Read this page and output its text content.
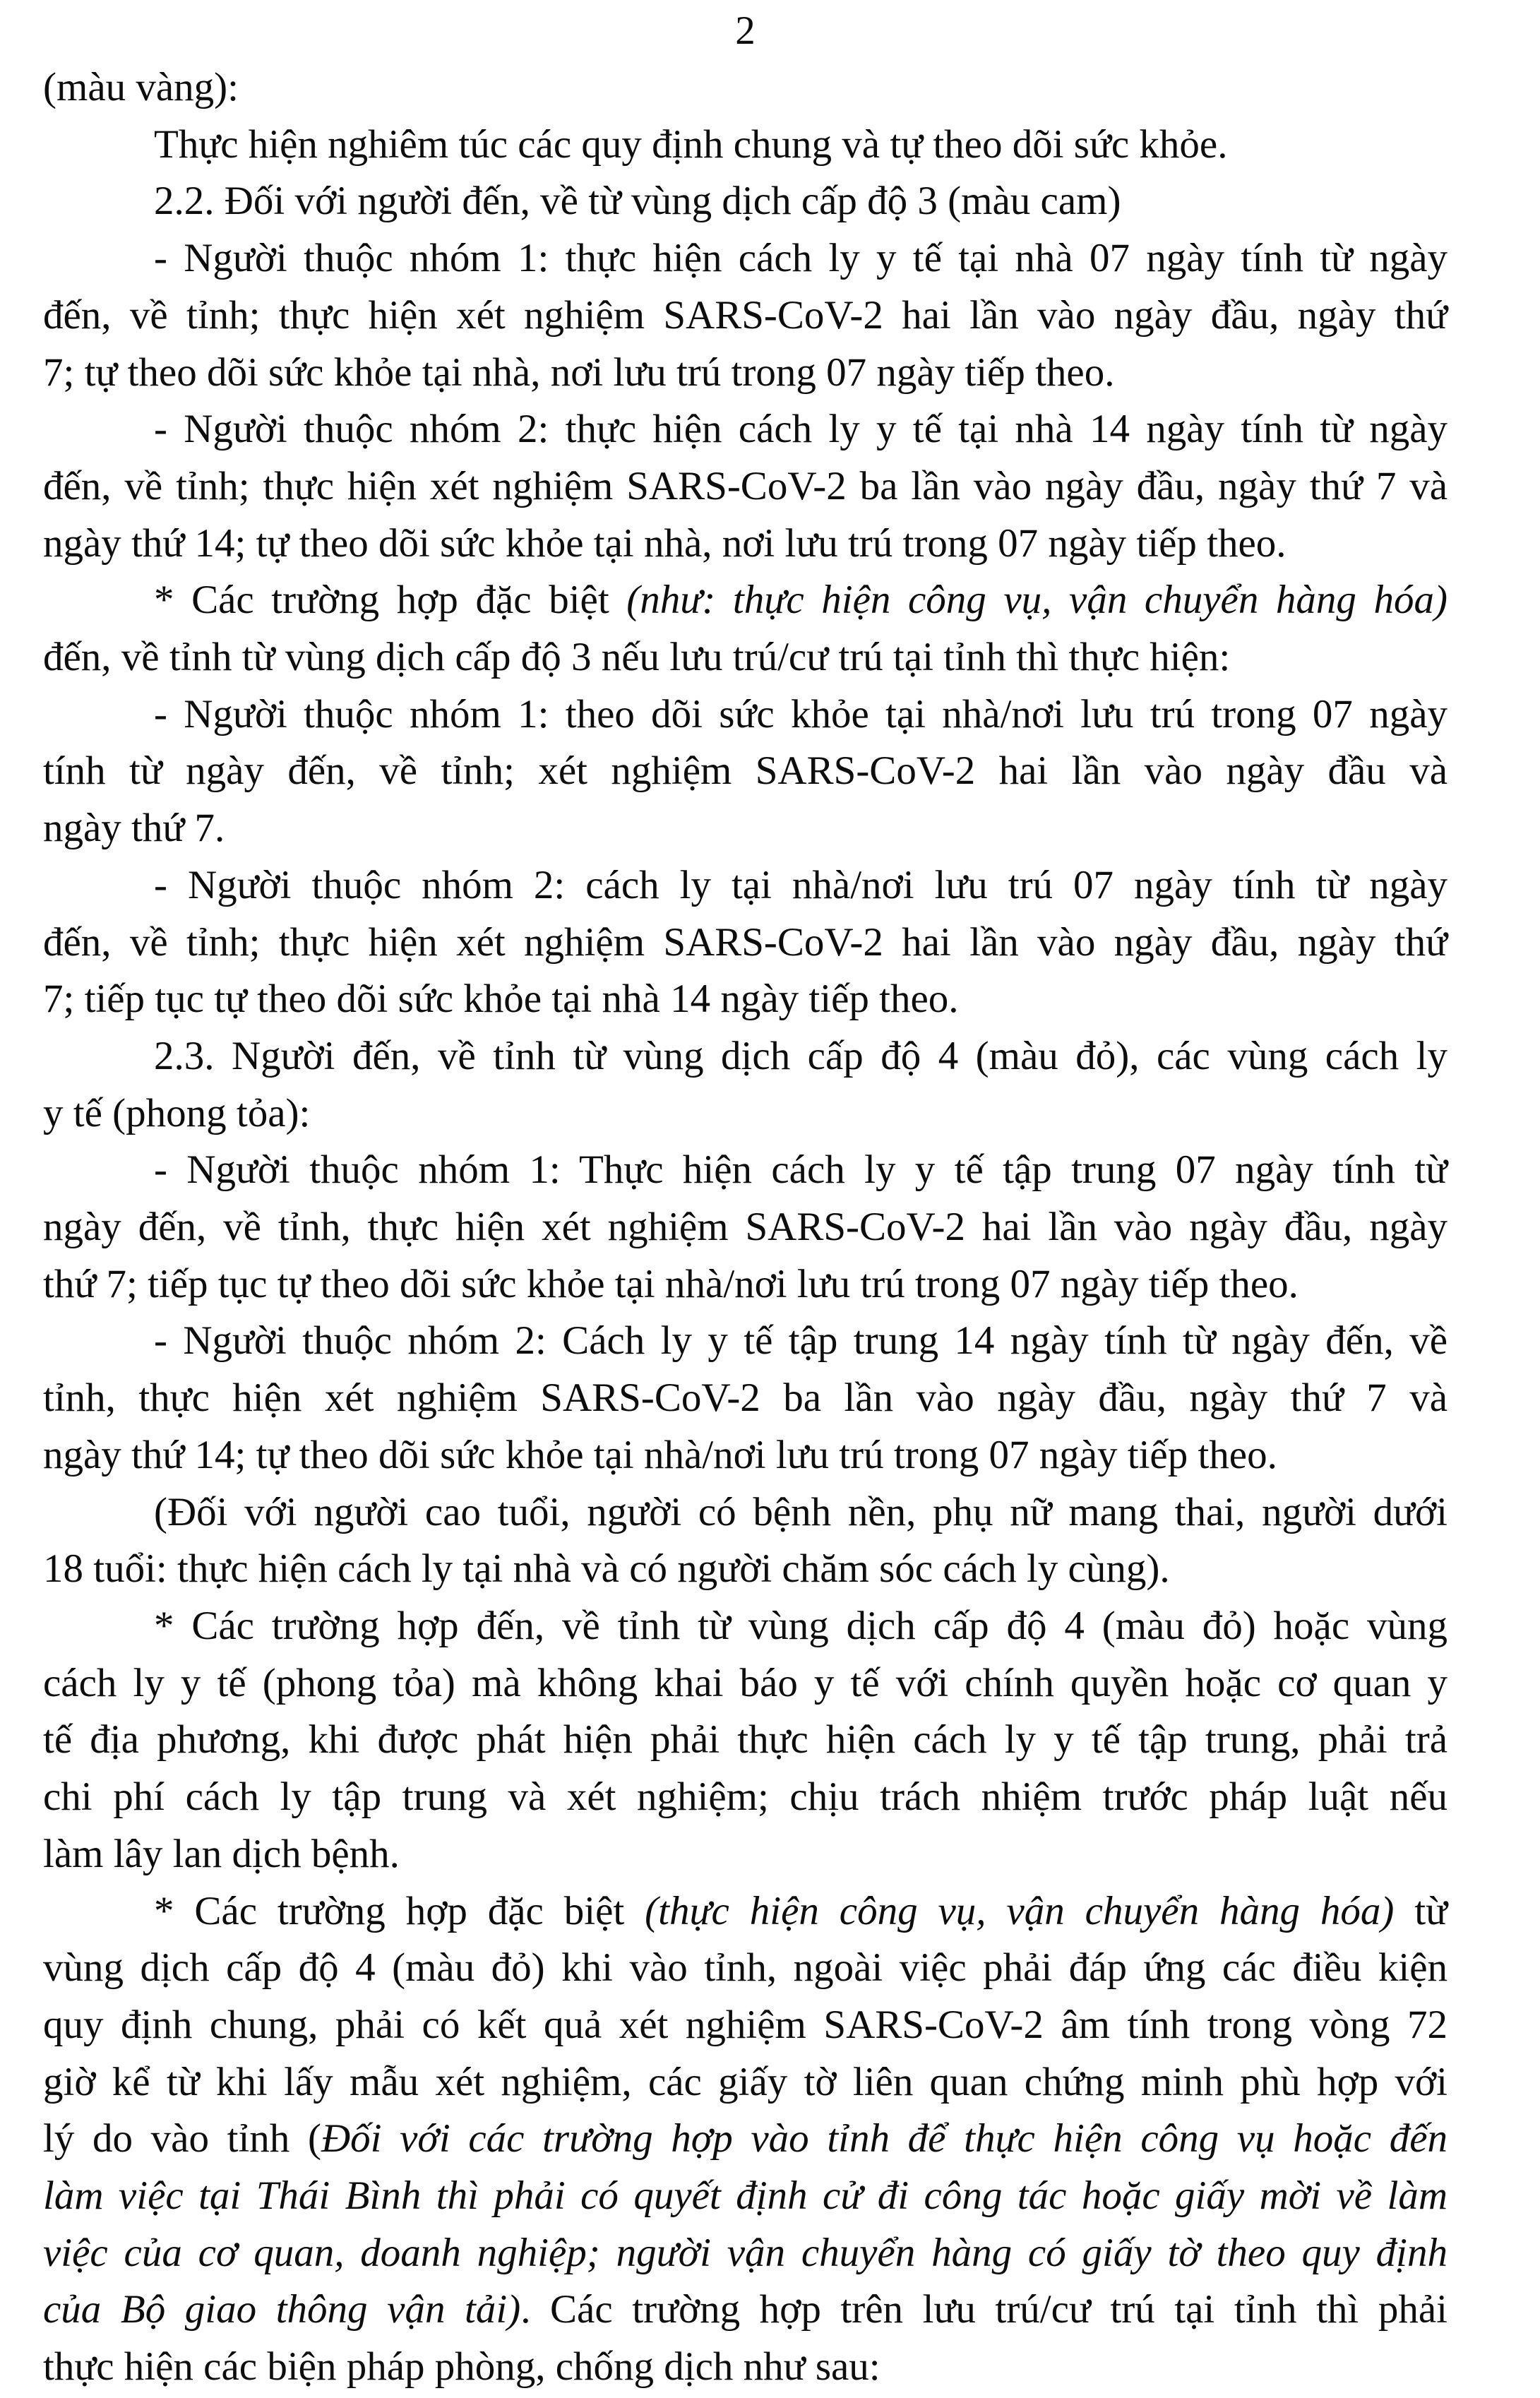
2
(màu vàng):
Thực hiện nghiêm túc các quy định chung và tự theo dõi sức khỏe.
2.2. Đối với người đến, về từ vùng dịch cấp độ 3 (màu cam)
- Người thuộc nhóm 1: thực hiện cách ly y tế tại nhà 07 ngày tính từ ngày
đến, về tỉnh; thực hiện xét nghiệm SARS-CoV-2 hai lần vào ngày đầu, ngày thứ
7; tự theo dõi sức khỏe tại nhà, nơi lưu trú trong 07 ngày tiếp theo.
- Người thuộc nhóm 2: thực hiện cách ly y tế tại nhà 14 ngày tính từ ngày
đến, về tỉnh; thực hiện xét nghiệm SARS-CoV-2 ba lần vào ngày đầu, ngày thứ 7 và
ngày thứ 14; tự theo dõi sức khỏe tại nhà, nơi lưu trú trong 07 ngày tiếp theo.
* Các trường hợp đặc biệt (như: thực hiện công vụ, vận chuyển hàng hóa)
đến, về tỉnh từ vùng dịch cấp độ 3 nếu lưu trú/cư trú tại tỉnh thì thực hiện:
- Người thuộc nhóm 1: theo dõi sức khỏe tại nhà/nơi lưu trú trong 07 ngày
tính từ ngày đến, về tỉnh; xét nghiệm SARS-CoV-2 hai lần vào ngày đầu và
ngày thứ 7.
- Người thuộc nhóm 2: cách ly tại nhà/nơi lưu trú 07 ngày tính từ ngày
đến, về tỉnh; thực hiện xét nghiệm SARS-CoV-2 hai lần vào ngày đầu, ngày thứ
7; tiếp tục tự theo dõi sức khỏe tại nhà 14 ngày tiếp theo.
2.3. Người đến, về tỉnh từ vùng dịch cấp độ 4 (màu đỏ), các vùng cách ly
y tế (phong tỏa):
- Người thuộc nhóm 1: Thực hiện cách ly y tế tập trung 07 ngày tính từ
ngày đến, về tỉnh, thực hiện xét nghiệm SARS-CoV-2 hai lần vào ngày đầu, ngày
thứ 7; tiếp tục tự theo dõi sức khỏe tại nhà/nơi lưu trú trong 07 ngày tiếp theo.
- Người thuộc nhóm 2: Cách ly y tế tập trung 14 ngày tính từ ngày đến, về
tỉnh, thực hiện xét nghiệm SARS-CoV-2 ba lần vào ngày đầu, ngày thứ 7 và
ngày thứ 14; tự theo dõi sức khỏe tại nhà/nơi lưu trú trong 07 ngày tiếp theo.
(Đối với người cao tuổi, người có bệnh nền, phụ nữ mang thai, người dưới
18 tuổi: thực hiện cách ly tại nhà và có người chăm sóc cách ly cùng).
* Các trường hợp đến, về tỉnh từ vùng dịch cấp độ 4 (màu đỏ) hoặc vùng
cách ly y tế (phong tỏa) mà không khai báo y tế với chính quyền hoặc cơ quan y
tế địa phương, khi được phát hiện phải thực hiện cách ly y tế tập trung, phải trả
chi phí cách ly tập trung và xét nghiệm; chịu trách nhiệm trước pháp luật nếu
làm lây lan dịch bệnh.
* Các trường hợp đặc biệt (thực hiện công vụ, vận chuyển hàng hóa) từ
vùng dịch cấp độ 4 (màu đỏ) khi vào tỉnh, ngoài việc phải đáp ứng các điều kiện
quy định chung, phải có kết quả xét nghiệm SARS-CoV-2 âm tính trong vòng 72
giờ kể từ khi lấy mẫu xét nghiệm, các giấy tờ liên quan chứng minh phù hợp với
lý do vào tỉnh (Đối với các trường hợp vào tỉnh để thực hiện công vụ hoặc đến
làm việc tại Thái Bình thì phải có quyết định cử đi công tác hoặc giấy mời về làm
việc của cơ quan, doanh nghiệp; người vận chuyển hàng có giấy tờ theo quy định
của Bộ giao thông vận tải). Các trường hợp trên lưu trú/cư trú tại tỉnh thì phải
thực hiện các biện pháp phòng, chống dịch như sau:
